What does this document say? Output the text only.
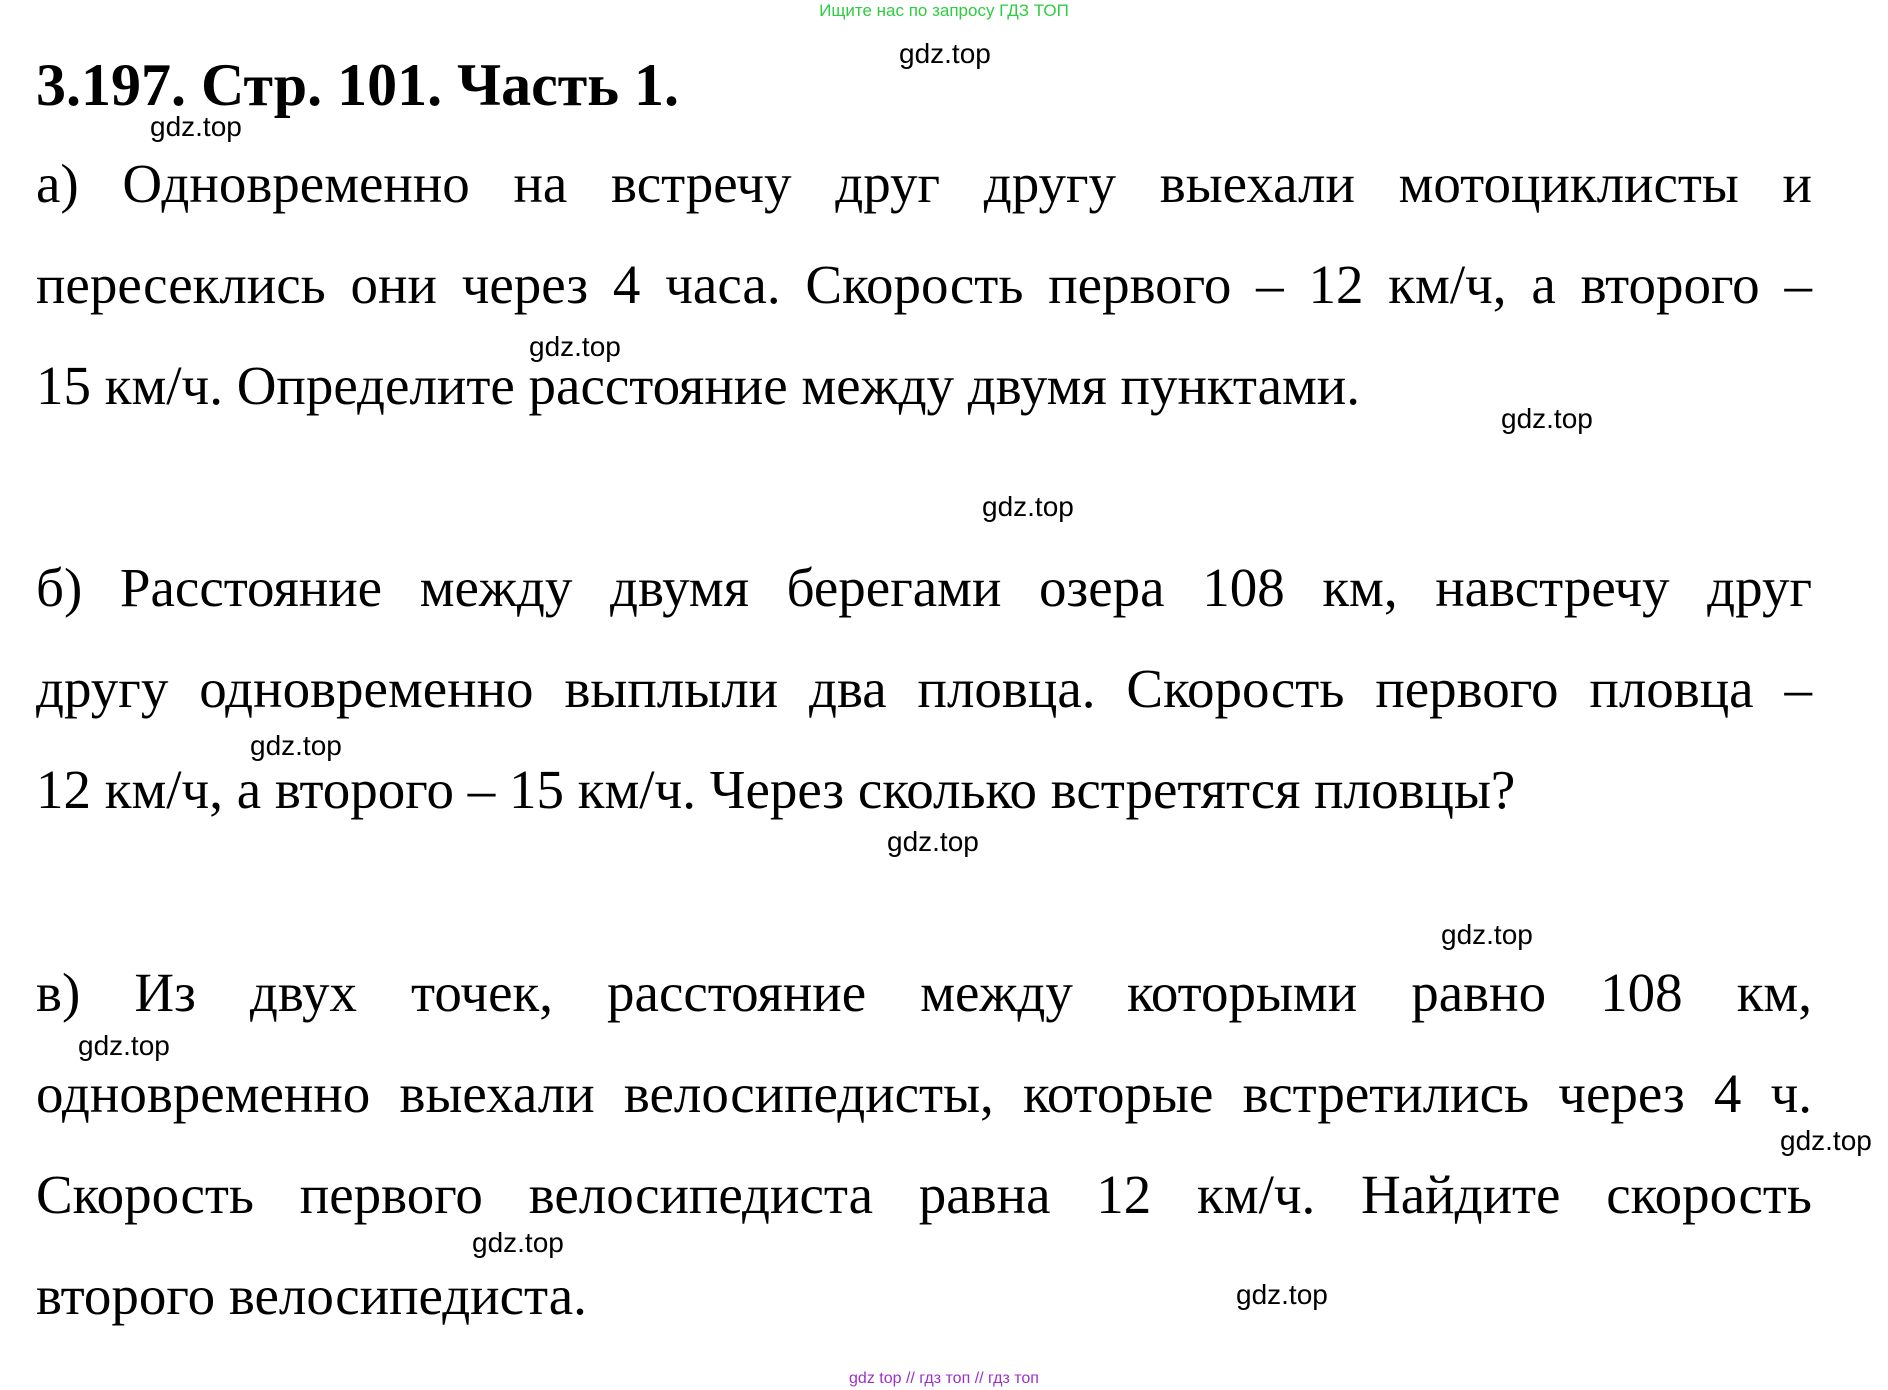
Ищите нас по запросу ГДЗ ТОП
3.197. Стр. 101. Часть 1.
а) Одновременно на встречу друг другу выехали мотоциклисты и
пересеклись они через 4 часа. Скорость первого – 12 км/ч, а второго –
15 км/ч. Определите расстояние между двумя пунктами.
б) Расстояние между двумя берегами озера 108 км, навстречу друг
другу одновременно выплыли два пловца. Скорость первого пловца –
12 км/ч, а второго – 15 км/ч. Через сколько встретятся пловцы?
в) Из двух точек, расстояние между которыми равно 108 км,
одновременно выехали велосипедисты, которые встретились через 4 ч.
Скорость первого велосипедиста равна 12 км/ч. Найдите скорость
второго велосипедиста.
gdz.top
gdz.top
gdz.top
gdz.top
gdz.top
gdz.top
gdz.top
gdz.top
gdz.top
gdz.top
gdz.top
gdz.top
gdz top // гдз топ // гдз топ
